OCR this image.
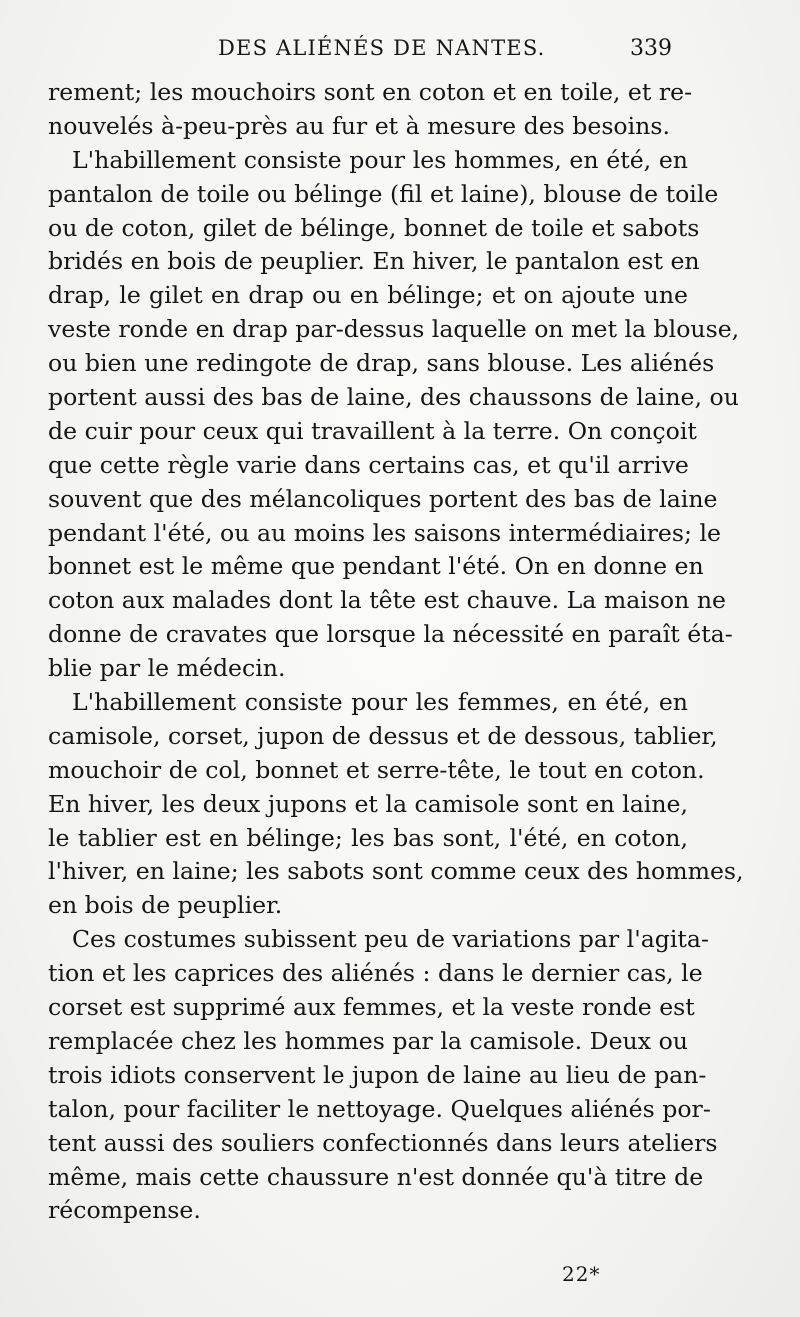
DES ALIÉNÉS DE NANTES.	339
rement; les mouchoirs sont en coton et en toile, et re-
nouvelés à-peu-près au fur et à mesure des besoins.
L'habillement consiste pour les hommes, en été, en
pantalon de toile ou bélinge (fil et laine), blouse de toile
ou de coton, gilet de bélinge, bonnet de toile et sabots
bridés en bois de peuplier. En hiver, le pantalon est en
drap, le gilet en drap ou en bélinge; et on ajoute une
veste ronde en drap par-dessus laquelle on met la blouse,
ou bien une redingote de drap, sans blouse. Les aliénés
portent aussi des bas de laine, des chaussons de laine, ou
de cuir pour ceux qui travaillent à la terre. On conçoit
que cette règle varie dans certains cas, et qu'il arrive
souvent que des mélancoliques portent des bas de laine
pendant l'été, ou au moins les saisons intermédiaires; le
bonnet est le même que pendant l'été. On en donne en
coton aux malades dont la tête est chauve. La maison ne
donne de cravates que lorsque la nécessité en paraît éta-
blie par le médecin.
L'habillement consiste pour les femmes, en été, en
camisole, corset, jupon de dessus et de dessous, tablier,
mouchoir de col, bonnet et serre-tête, le tout en coton.
En hiver, les deux jupons et la camisole sont en laine,
le tablier est en bélinge; les bas sont, l'été, en coton,
l'hiver, en laine; les sabots sont comme ceux des hommes,
en bois de peuplier.
Ces costumes subissent peu de variations par l'agita-
tion et les caprices des aliénés : dans le dernier cas, le
corset est supprimé aux femmes, et la veste ronde est
remplacée chez les hommes par la camisole. Deux ou
trois idiots conservent le jupon de laine au lieu de pan-
talon, pour faciliter le nettoyage. Quelques aliénés por-
tent aussi des souliers confectionnés dans leurs ateliers
même, mais cette chaussure n'est donnée qu'à titre de
récompense.
22*
